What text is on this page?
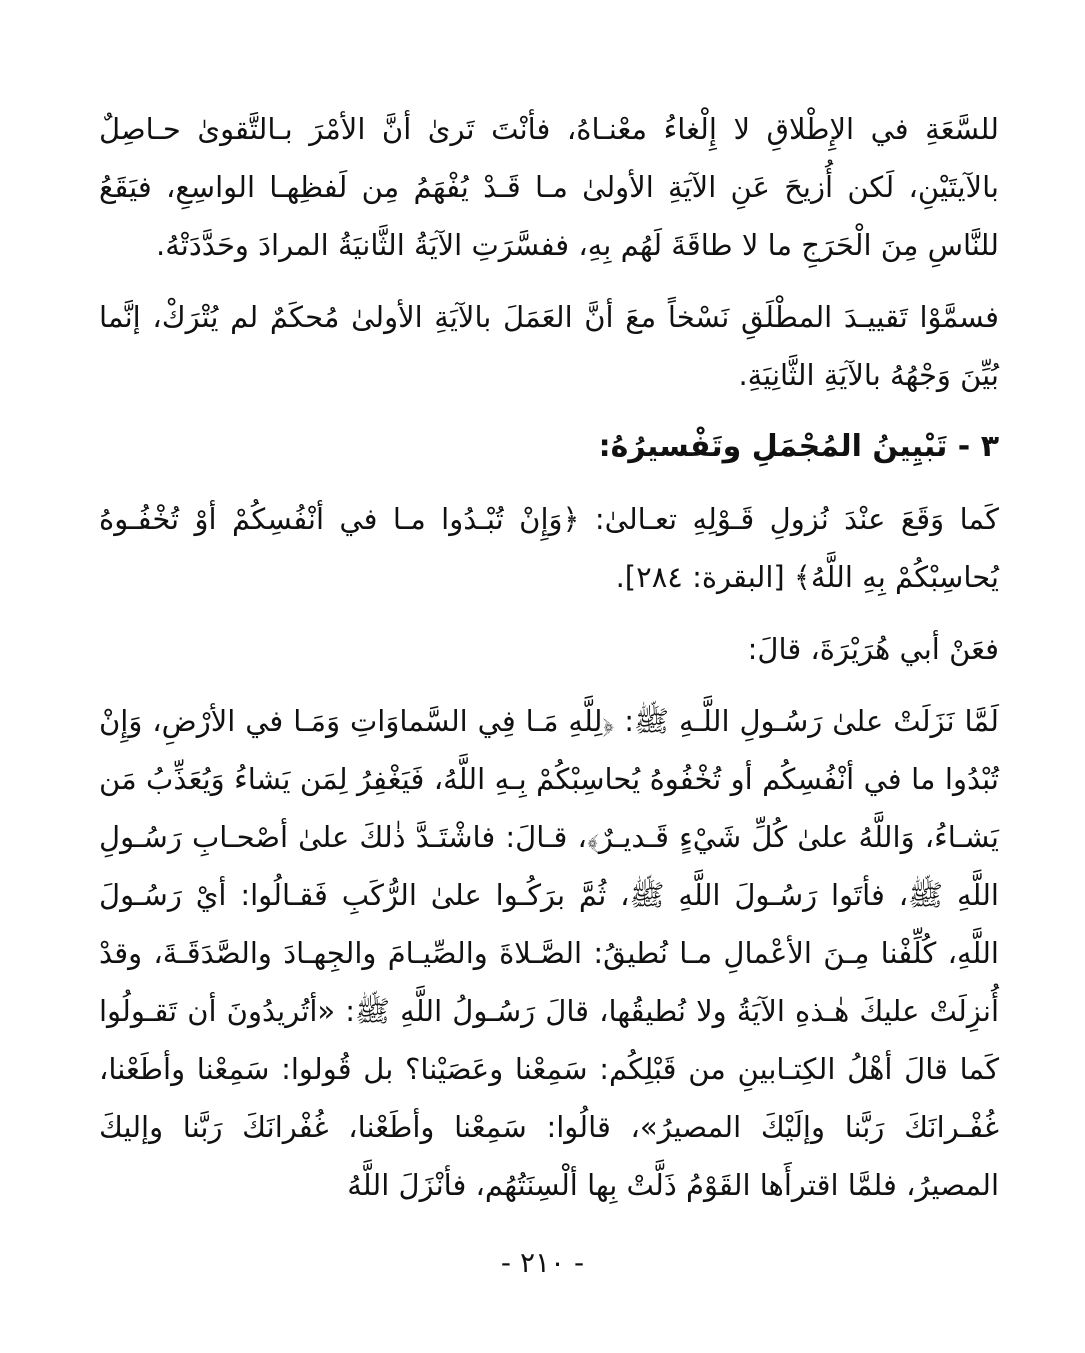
للسَّعَةِ في الإِطْلاقِ لا إِلْغاءُ معْنـاهُ، فأنْتَ تَرىٰ أنَّ الأمْرَ بـالتَّقوىٰ حـاصِلٌ بالآيتَيْنِ، لَكن أُزيحَ عَنِ الآيَةِ الأولىٰ مـا قَـدْ يُفْهَمُ مِن لَفظِهـا الواسِعِ، فيَقَعُ للنَّاسِ مِنَ الْحَرَجِ ما لا طاقَةَ لَهُم بِهِ، ففسَّرَتِ الآيَةُ الثَّانيَةُ المرادَ وحَدَّدَتْهُ.

فسمَّوْا تَقييـدَ المطْلَقِ نَسْخاً معَ أنَّ العَمَلَ بالآيَةِ الأولىٰ مُحكَمٌ لم يُتْرَكْ، إنَّما بُيِّنَ وَجْهُهُ بالآيَةِ الثَّانِيَةِ.

٣ - تَبْيِينُ المُجْمَلِ وتَفْسيرُهُ:

كَما وَقَعَ عنْدَ نُزولِ قَـوْلِهِ تعـالىٰ: ﴿وَإِنْ تُبْـدُوا مـا في أنْفُسِكُمْ أوْ تُخْفُـوهُ يُحاسِبْكُمْ بِهِ اللَّهُ﴾ [البقرة: ٢٨٤].

فعَنْ أبي هُرَيْرَةَ، قالَ:

لَمَّا نَزَلَتْ علىٰ رَسُـولِ اللَّـهِ ﷺ: ﴿لِلَّهِ مَـا فِي السَّماوَاتِ وَمَـا في الأرْضِ، وَإِنْ تُبْدُوا ما في أنْفُسِكُم أو تُخْفُوهُ يُحاسِبْكُمْ بِـهِ اللَّهُ، فَيَغْفِرُ لِمَن يَشاءُ وَيُعَذِّبُ مَن يَشـاءُ، وَاللَّهُ علىٰ كُلِّ شَيْءٍ قَـديـرٌ﴾، قـالَ: فاشْتَـدَّ ذٰلكَ علىٰ أصْحـابِ رَسُـولِ اللَّهِ ﷺ، فأتَوا رَسُـولَ اللَّهِ ﷺ، ثُمَّ برَكُـوا علىٰ الرُّكَبِ فَقـالُوا: أيْ رَسُـولَ اللَّهِ، كُلِّفْنا مِـنَ الأعْمالِ مـا نُطيقُ: الصَّـلاةَ والصِّيـامَ والجِهـادَ والصَّدَقَـةَ، وقدْ أُنزِلَتْ عليكَ هٰـذهِ الآيَةُ ولا نُطيقُها، قالَ رَسُـولُ اللَّهِ ﷺ: «أتُريدُونَ أن تَقـولُوا كَما قالَ أهْلُ الكِتـابينِ من قَبْلِكُم: سَمِعْنا وعَصَيْنا؟ بل قُولوا: سَمِعْنا وأطَعْنا، غُفْـرانَكَ رَبَّنا وإلَيْكَ المصيرُ»، قالُوا: سَمِعْنا وأطَعْنا، غُفْرانَكَ رَبَّنا وإليكَ المصيرُ، فلمَّا اقترأَها القَوْمُ ذَلَّتْ بِها ألْسِنَتُهُم، فأنْزَلَ اللَّهُ

- ٢١٠ -
